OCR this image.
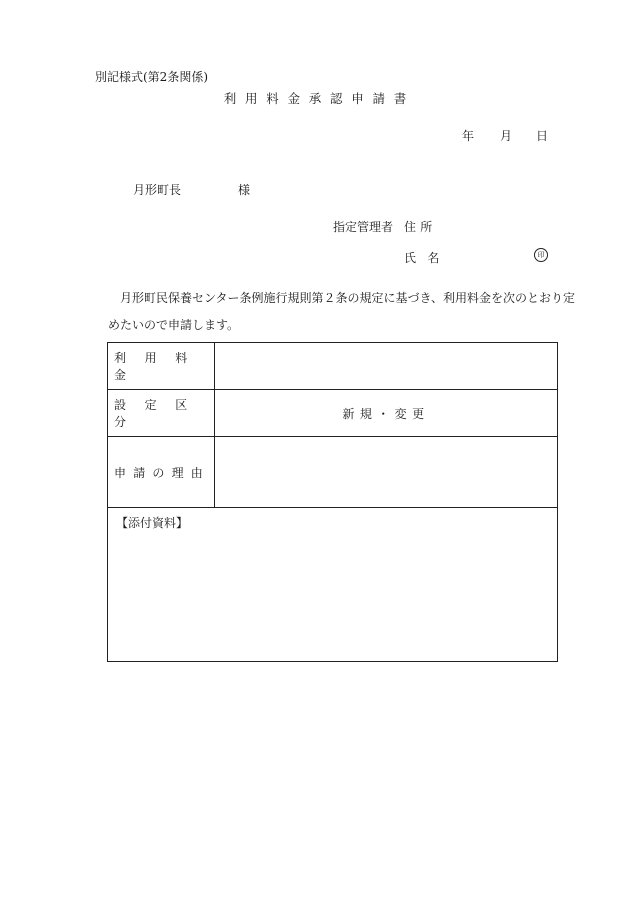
別記様式(第2条関係)
利用料金承認申請書
年 月 日
月形町長	様
指定管理者 住所
氏名	印
月形町民保養センター条例施行規則第２条の規定に基づき、利用料金を次のとおり定めたいので申請します。
利用料金
設定区分
新規・変更
申請の理由
【添付資料】
